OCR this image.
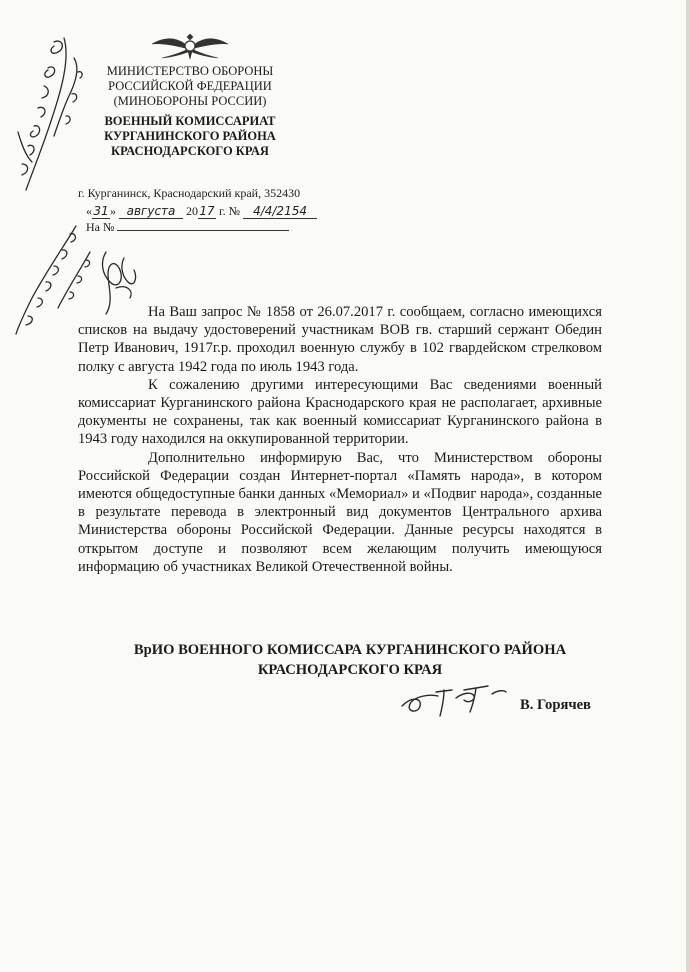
МИНИСТЕРСТВО ОБОРОНЫ
РОССИЙСКОЙ ФЕДЕРАЦИИ
(МИНОБОРОНЫ РОССИИ)
ВОЕННЫЙ КОМИССАРИАТ
КУРГАНИНСКОГО РАЙОНА
КРАСНОДАРСКОГО КРАЯ
г. Курганинск, Краснодарский край, 352430
«31» августа 2017 г. № 4/4/2154
На №

На Ваш запрос № 1858 от 26.07.2017 г. сообщаем, согласно имеющихся списков на выдачу удостоверений участникам ВОВ гв. старший сержант Обедин Петр Иванович, 1917г.р. проходил военную службу в 102 гвардейском стрелковом полку с августа 1942 года по июль 1943 года.

К сожалению другими интересующими Вас сведениями военный комиссариат Курганинского района Краснодарского края не располагает, архивные документы не сохранены, так как военный комиссариат Курганинского района в 1943 году находился на оккупированной территории.

Дополнительно информирую Вас, что Министерством обороны Российской Федерации создан Интернет-портал «Память народа», в котором имеются общедоступные банки данных «Мемориал» и «Подвиг народа», созданные в результате перевода в электронный вид документов Центрального архива Министерства обороны Российской Федерации. Данные ресурсы находятся в открытом доступе и позволяют всем желающим получить имеющуюся информацию об участниках Великой Отечественной войны.

ВрИО ВОЕННОГО КОМИССАРА КУРГАНИНСКОГО РАЙОНА
КРАСНОДАРСКОГО КРАЯ
В. Горячев
